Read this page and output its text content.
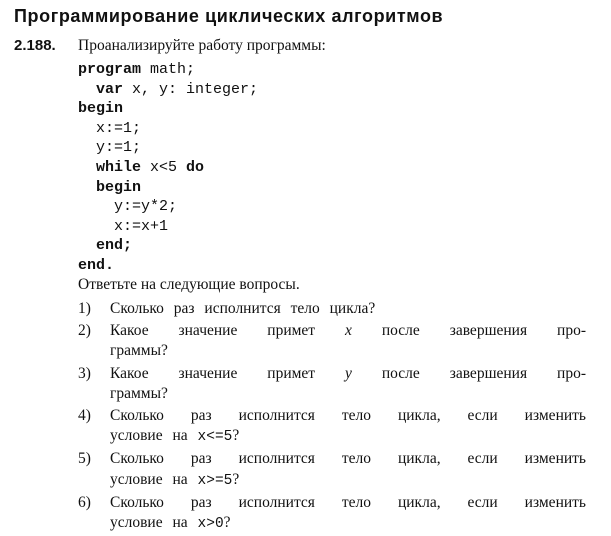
Программирование циклических алгоритмов
2.188. Проанализируйте работу программы:
program math;
var x, y: integer;
begin
x:=1;
y:=1;
while x<5 do
begin
y:=y*2;
x:=x+1
end;
end.
Ответьте на следующие вопросы.
1)	Сколько раз исполнится тело цикла?
2)	Какое значение примет x после завершения про-
граммы?
3)	Какое значение примет y после завершения про-
граммы?
4)	Сколько раз исполнится тело цикла, если изменить
условие на x<=5?
5)	Сколько раз исполнится тело цикла, если изменить
условие на x>=5?
6)	Сколько раз исполнится тело цикла, если изменить
условие на x>0?
